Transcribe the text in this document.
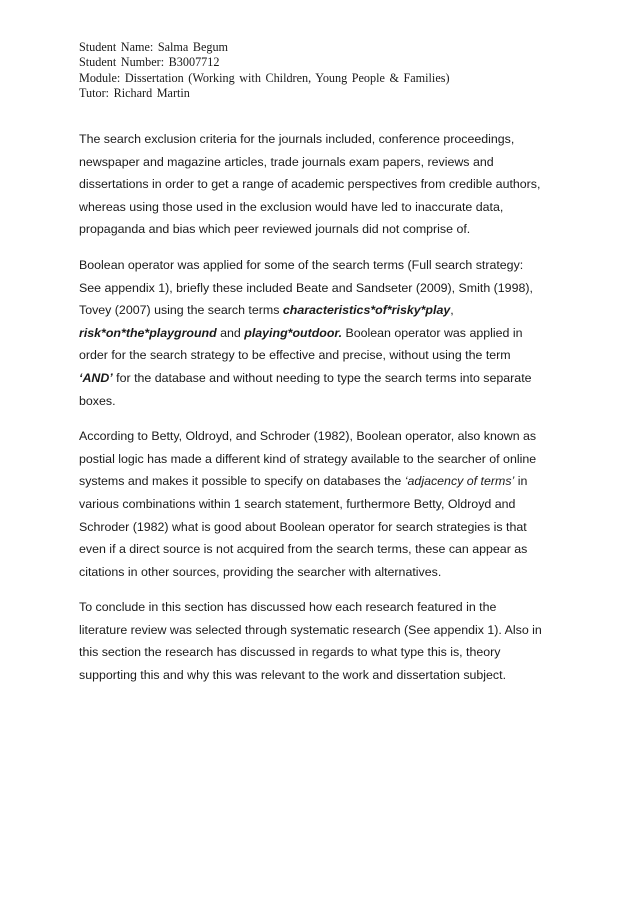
Student Name: Salma Begum
Student Number: B3007712
Module: Dissertation (Working with Children, Young People & Families)
Tutor: Richard Martin
The search exclusion criteria for the journals included, conference proceedings,
newspaper and magazine articles, trade journals exam papers, reviews and
dissertations in order to get a range of academic perspectives from credible authors,
whereas using those used in the exclusion would have led to inaccurate data,
propaganda and bias which peer reviewed journals did not comprise of.
Boolean operator was applied for some of the search terms (Full search strategy:
See appendix 1), briefly these included Beate and Sandseter (2009), Smith (1998),
Tovey (2007) using the search terms characteristics*of*risky*play,
risk*on*the*playground and playing*outdoor. Boolean operator was applied in
order for the search strategy to be effective and precise, without using the term
‘AND’ for the database and without needing to type the search terms into separate
boxes.
According to Betty, Oldroyd, and Schroder (1982), Boolean operator, also known as
postial logic has made a different kind of strategy available to the searcher of online
systems and makes it possible to specify on databases the ‘adjacency of terms’ in
various combinations within 1 search statement, furthermore Betty, Oldroyd and
Schroder (1982) what is good about Boolean operator for search strategies is that
even if a direct source is not acquired from the search terms, these can appear as
citations in other sources, providing the searcher with alternatives.
To conclude in this section has discussed how each research featured in the
literature review was selected through systematic research (See appendix 1). Also in
this section the research has discussed in regards to what type this is, theory
supporting this and why this was relevant to the work and dissertation subject.
